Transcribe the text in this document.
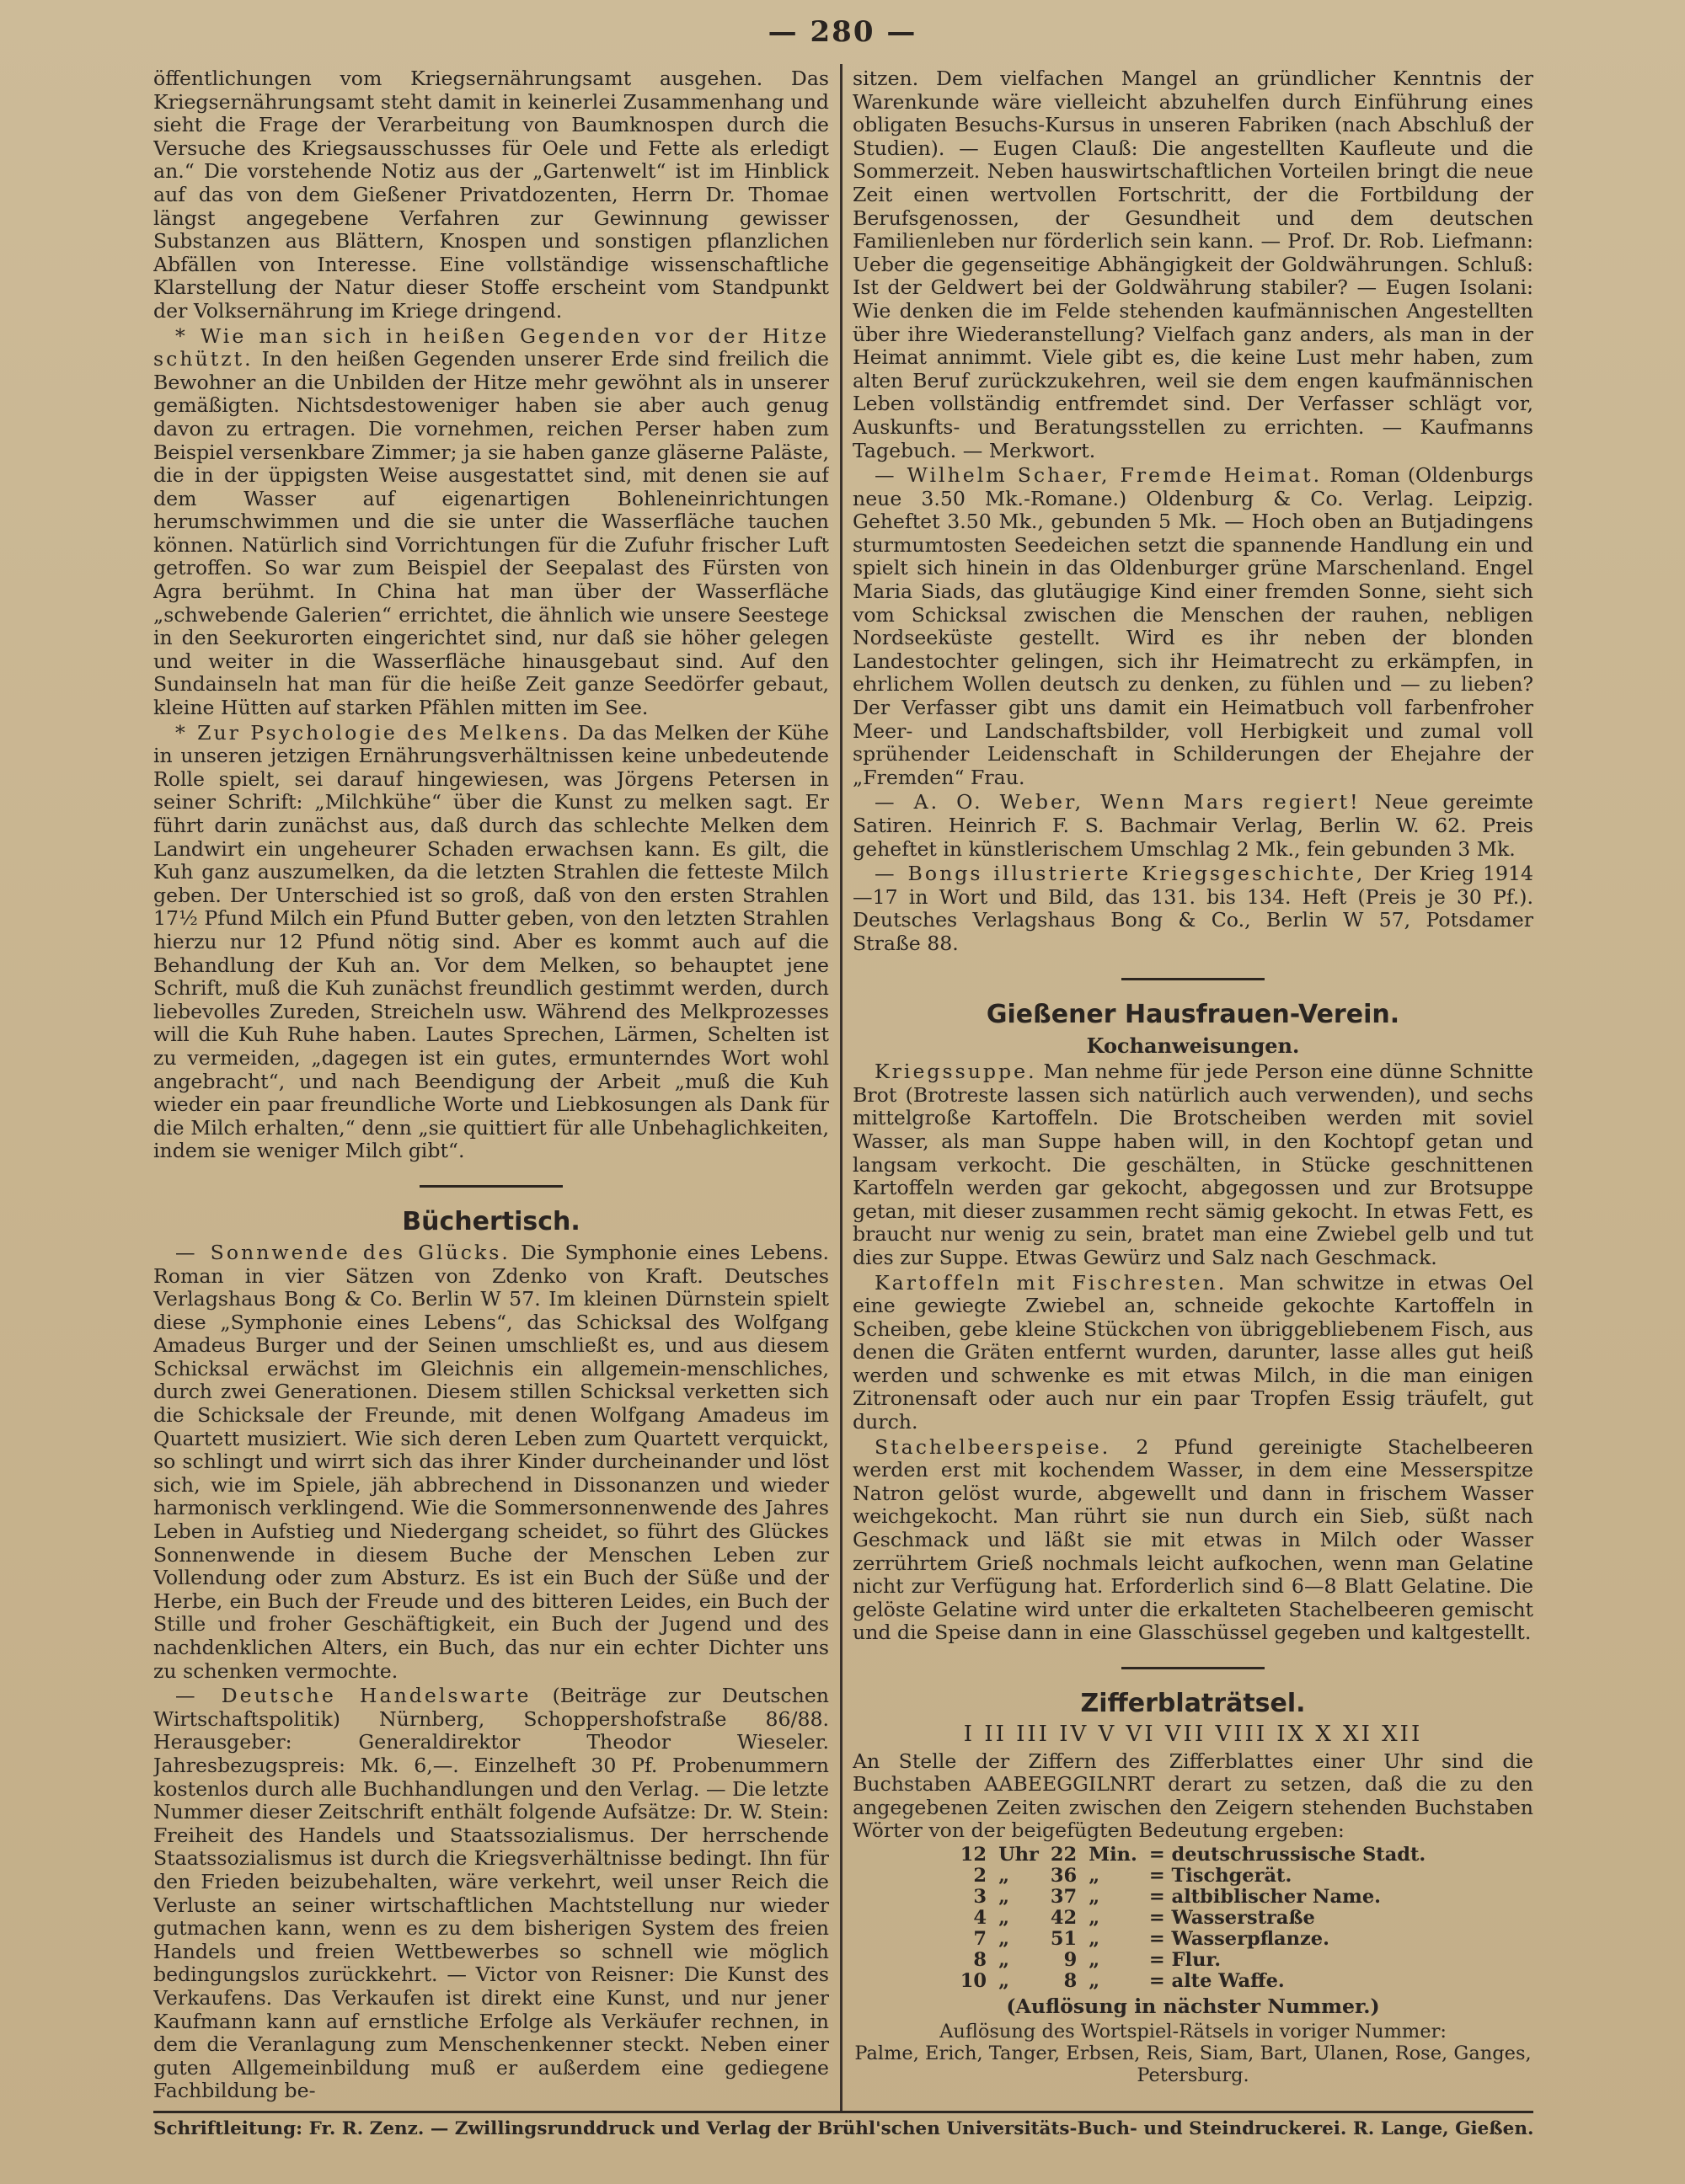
— 280 —

öffentlichungen vom Kriegsernährungsamt ausgehen. Das Kriegsernährungsamt steht damit in keinerlei Zusammenhang und sieht die Frage der Verarbeitung von Baumknospen durch die Versuche des Kriegsausschusses für Oele und Fette als erledigt an.“ Die vorstehende Notiz aus der „Gartenwelt“ ist im Hinblick auf das von dem Gießener Privatdozenten, Herrn Dr. Thomae längst angegebene Verfahren zur Gewinnung gewisser Substanzen aus Blättern, Knospen und sonstigen pflanzlichen Abfällen von Interesse. Eine vollständige wissenschaftliche Klarstellung der Natur dieser Stoffe erscheint vom Standpunkt der Volksernährung im Kriege dringend.

* Wie man sich in heißen Gegenden vor der Hitze schützt. In den heißen Gegenden unserer Erde sind freilich die Bewohner an die Unbilden der Hitze mehr gewöhnt als in unserer gemäßigten. Nichtsdestoweniger haben sie aber auch genug davon zu ertragen. Die vornehmen, reichen Perser haben zum Beispiel versenkbare Zimmer; ja sie haben ganze gläserne Paläste, die in der üppigsten Weise ausgestattet sind, mit denen sie auf dem Wasser auf eigenartigen Bohleneinrichtungen herumschwimmen und die sie unter die Wasserfläche tauchen können. Natürlich sind Vorrichtungen für die Zufuhr frischer Luft getroffen. So war zum Beispiel der Seepalast des Fürsten von Agra berühmt. In China hat man über der Wasserfläche „schwebende Galerien“ errichtet, die ähnlich wie unsere Seestege in den Seekurorten eingerichtet sind, nur daß sie höher gelegen und weiter in die Wasserfläche hinausgebaut sind. Auf den Sundainseln hat man für die heiße Zeit ganze Seedörfer gebaut, kleine Hütten auf starken Pfählen mitten im See.

* Zur Psychologie des Melkens. Da das Melken der Kühe in unseren jetzigen Ernährungsverhältnissen keine unbedeutende Rolle spielt, sei darauf hingewiesen, was Jörgens Petersen in seiner Schrift: „Milchkühe“ über die Kunst zu melken sagt. Er führt darin zunächst aus, daß durch das schlechte Melken dem Landwirt ein ungeheurer Schaden erwachsen kann. Es gilt, die Kuh ganz auszumelken, da die letzten Strahlen die fetteste Milch geben. Der Unterschied ist so groß, daß von den ersten Strahlen 17½ Pfund Milch ein Pfund Butter geben, von den letzten Strahlen hierzu nur 12 Pfund nötig sind. Aber es kommt auch auf die Behandlung der Kuh an. Vor dem Melken, so behauptet jene Schrift, muß die Kuh zunächst freundlich gestimmt werden, durch liebevolles Zureden, Streicheln usw. Während des Melkprozesses will die Kuh Ruhe haben. Lautes Sprechen, Lärmen, Schelten ist zu vermeiden, „dagegen ist ein gutes, ermunterndes Wort wohl angebracht“, und nach Beendigung der Arbeit „muß die Kuh wieder ein paar freundliche Worte und Liebkosungen als Dank für die Milch erhalten,“ denn „sie quittiert für alle Unbehaglichkeiten, indem sie weniger Milch gibt“.

Büchertisch.

— Sonnwende des Glücks. Die Symphonie eines Lebens. Roman in vier Sätzen von Zdenko von Kraft. Deutsches Verlagshaus Bong & Co. Berlin W 57. Im kleinen Dürnstein spielt diese „Symphonie eines Lebens“, das Schicksal des Wolfgang Amadeus Burger und der Seinen umschließt es, und aus diesem Schicksal erwächst im Gleichnis ein allgemein-menschliches, durch zwei Generationen. Diesem stillen Schicksal verketten sich die Schicksale der Freunde, mit denen Wolfgang Amadeus im Quartett musiziert. Wie sich deren Leben zum Quartett verquickt, so schlingt und wirrt sich das ihrer Kinder durcheinander und löst sich, wie im Spiele, jäh abbrechend in Dissonanzen und wieder harmonisch verklingend. Wie die Sommersonnenwende des Jahres Leben in Aufstieg und Niedergang scheidet, so führt des Glückes Sonnenwende in diesem Buche der Menschen Leben zur Vollendung oder zum Absturz. Es ist ein Buch der Süße und der Herbe, ein Buch der Freude und des bitteren Leides, ein Buch der Stille und froher Geschäftigkeit, ein Buch der Jugend und des nachdenklichen Alters, ein Buch, das nur ein echter Dichter uns zu schenken vermochte.

— Deutsche Handelswarte (Beiträge zur Deutschen Wirtschaftspolitik) Nürnberg, Schoppershofstraße 86/88. Herausgeber: Generaldirektor Theodor Wieseler. Jahresbezugspreis: Mk. 6,—. Einzelheft 30 Pf. Probenummern kostenlos durch alle Buchhandlungen und den Verlag. — Die letzte Nummer dieser Zeitschrift enthält folgende Aufsätze: Dr. W. Stein: Freiheit des Handels und Staatssozialismus. Der herrschende Staatssozialismus ist durch die Kriegsverhältnisse bedingt. Ihn für den Frieden beizubehalten, wäre verkehrt, weil unser Reich die Verluste an seiner wirtschaftlichen Machtstellung nur wieder gutmachen kann, wenn es zu dem bisherigen System des freien Handels und freien Wettbewerbes so schnell wie möglich bedingungslos zurückkehrt. — Victor von Reisner: Die Kunst des Verkaufens. Das Verkaufen ist direkt eine Kunst, und nur jener Kaufmann kann auf ernstliche Erfolge als Verkäufer rechnen, in dem die Veranlagung zum Menschenkenner steckt. Neben einer guten Allgemeinbildung muß er außerdem eine gediegene Fachbildung be-

sitzen. Dem vielfachen Mangel an gründlicher Kenntnis der Warenkunde wäre vielleicht abzuhelfen durch Einführung eines obligaten Besuchs-Kursus in unseren Fabriken (nach Abschluß der Studien). — Eugen Clauß: Die angestellten Kaufleute und die Sommerzeit. Neben hauswirtschaftlichen Vorteilen bringt die neue Zeit einen wertvollen Fortschritt, der die Fortbildung der Berufsgenossen, der Gesundheit und dem deutschen Familienleben nur förderlich sein kann. — Prof. Dr. Rob. Liefmann: Ueber die gegenseitige Abhängigkeit der Goldwährungen. Schluß: Ist der Geldwert bei der Goldwährung stabiler? — Eugen Isolani: Wie denken die im Felde stehenden kaufmännischen Angestellten über ihre Wiederanstellung? Vielfach ganz anders, als man in der Heimat annimmt. Viele gibt es, die keine Lust mehr haben, zum alten Beruf zurückzukehren, weil sie dem engen kaufmännischen Leben vollständig entfremdet sind. Der Verfasser schlägt vor, Auskunfts- und Beratungsstellen zu errichten. — Kaufmanns Tagebuch. — Merkwort.

— Wilhelm Schaer, Fremde Heimat. Roman (Oldenburgs neue 3.50 Mk.-Romane.) Oldenburg & Co. Verlag. Leipzig. Geheftet 3.50 Mk., gebunden 5 Mk. — Hoch oben an Butjadingens sturmumtosten Seedeichen setzt die spannende Handlung ein und spielt sich hinein in das Oldenburger grüne Marschenland. Engel Maria Siads, das glutäugige Kind einer fremden Sonne, sieht sich vom Schicksal zwischen die Menschen der rauhen, nebligen Nordseeküste gestellt. Wird es ihr neben der blonden Landestochter gelingen, sich ihr Heimatrecht zu erkämpfen, in ehrlichem Wollen deutsch zu denken, zu fühlen und — zu lieben? Der Verfasser gibt uns damit ein Heimatbuch voll farbenfroher Meer- und Landschaftsbilder, voll Herbigkeit und zumal voll sprühender Leidenschaft in Schilderungen der Ehejahre der „Fremden“ Frau.

— A. O. Weber, Wenn Mars regiert! Neue gereimte Satiren. Heinrich F. S. Bachmair Verlag, Berlin W. 62. Preis geheftet in künstlerischem Umschlag 2 Mk., fein gebunden 3 Mk.

— Bongs illustrierte Kriegsgeschichte, Der Krieg 1914—17 in Wort und Bild, das 131. bis 134. Heft (Preis je 30 Pf.). Deutsches Verlagshaus Bong & Co., Berlin W 57, Potsdamer Straße 88.

Gießener Hausfrauen-Verein.
Kochanweisungen.

Kriegssuppe. Man nehme für jede Person eine dünne Schnitte Brot (Brotreste lassen sich natürlich auch verwenden), und sechs mittelgroße Kartoffeln. Die Brotscheiben werden mit soviel Wasser, als man Suppe haben will, in den Kochtopf getan und langsam verkocht. Die geschälten, in Stücke geschnittenen Kartoffeln werden gar gekocht, abgegossen und zur Brotsuppe getan, mit dieser zusammen recht sämig gekocht. In etwas Fett, es braucht nur wenig zu sein, bratet man eine Zwiebel gelb und tut dies zur Suppe. Etwas Gewürz und Salz nach Geschmack.

Kartoffeln mit Fischresten. Man schwitze in etwas Oel eine gewiegte Zwiebel an, schneide gekochte Kartoffeln in Scheiben, gebe kleine Stückchen von übriggebliebenem Fisch, aus denen die Gräten entfernt wurden, darunter, lasse alles gut heiß werden und schwenke es mit etwas Milch, in die man einigen Zitronensaft oder auch nur ein paar Tropfen Essig träufelt, gut durch.

Stachelbeerspeise. 2 Pfund gereinigte Stachelbeeren werden erst mit kochendem Wasser, in dem eine Messerspitze Natron gelöst wurde, abgewellt und dann in frischem Wasser weichgekocht. Man rührt sie nun durch ein Sieb, süßt nach Geschmack und läßt sie mit etwas in Milch oder Wasser zerrührtem Grieß nochmals leicht aufkochen, wenn man Gelatine nicht zur Verfügung hat. Erforderlich sind 6—8 Blatt Gelatine. Die gelöste Gelatine wird unter die erkalteten Stachelbeeren gemischt und die Speise dann in eine Glasschüssel gegeben und kaltgestellt.

Zifferblaträtsel.
I II III IV V VI VII VIII IX X XI XII

An Stelle der Ziffern des Zifferblattes einer Uhr sind die Buchstaben AABEEGGILNRT derart zu setzen, daß die zu den angegebenen Zeiten zwischen den Zeigern stehenden Buchstaben Wörter von der beigefügten Bedeutung ergeben:

12	Uhr	22	Min.	= deutschrussische Stadt.
2	„	36	„	= Tischgerät.
3	„	37	„	= altbiblischer Name.
4	„	42	„	= Wasserstraße
7	„	51	„	= Wasserpflanze.
8	„	9	„	= Flur.
10	„	8	„	= alte Waffe.

(Auflösung in nächster Nummer.)

Auflösung des Wortspiel-Rätsels in voriger Nummer:
Palme, Erich, Tanger, Erbsen, Reis, Siam, Bart, Ulanen, Rose, Ganges, Petersburg.
Schriftleitung: Fr. R. Zenz. — Zwillingsrunddruck und Verlag der Brühl'schen Universitäts-Buch- und Steindruckerei. R. Lange, Gießen.
